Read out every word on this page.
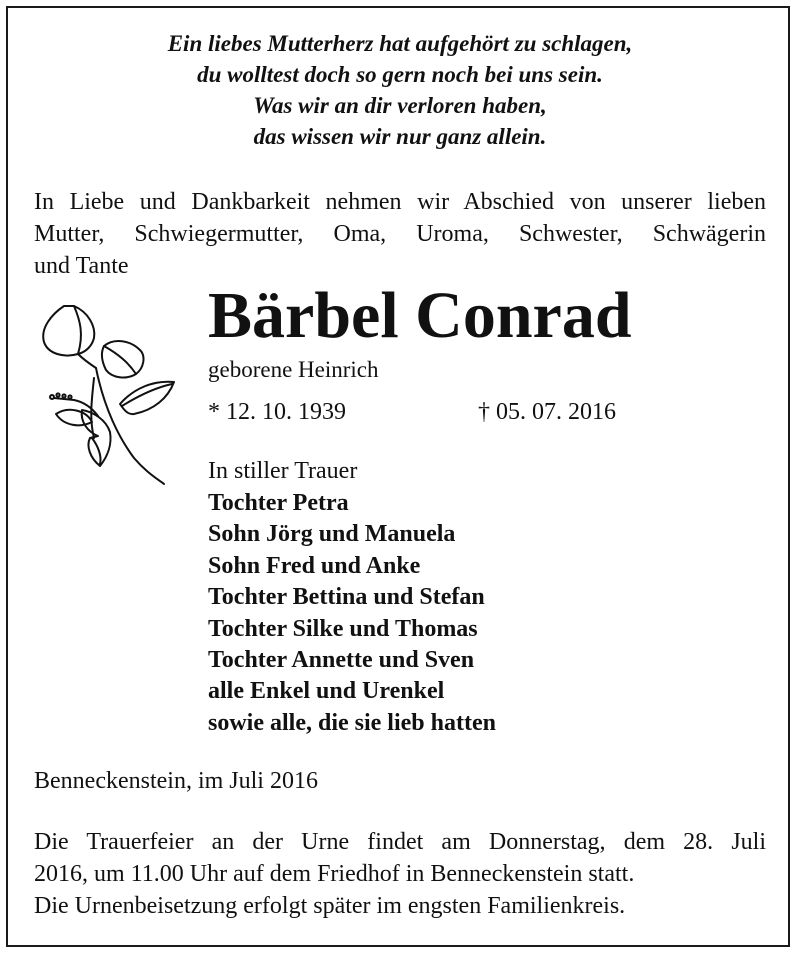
Ein liebes Mutterherz hat aufgehört zu schlagen,
du wolltest doch so gern noch bei uns sein.
Was wir an dir verloren haben,
das wissen wir nur ganz allein.
In Liebe und Dankbarkeit nehmen wir Abschied von unserer lieben
Mutter, Schwiegermutter, Oma, Uroma, Schwester, Schwägerin
und Tante
Bärbel Conrad
geborene Heinrich
* 12. 10. 1939	† 05. 07. 2016
In stiller Trauer
Tochter Petra
Sohn Jörg und Manuela
Sohn Fred und Anke
Tochter Bettina und Stefan
Tochter Silke und Thomas
Tochter Annette und Sven
alle Enkel und Urenkel
sowie alle, die sie lieb hatten
Benneckenstein, im Juli 2016
Die Trauerfeier an der Urne findet am Donnerstag, dem 28. Juli
2016, um 11.00 Uhr auf dem Friedhof in Benneckenstein statt.
Die Urnenbeisetzung erfolgt später im engsten Familienkreis.
